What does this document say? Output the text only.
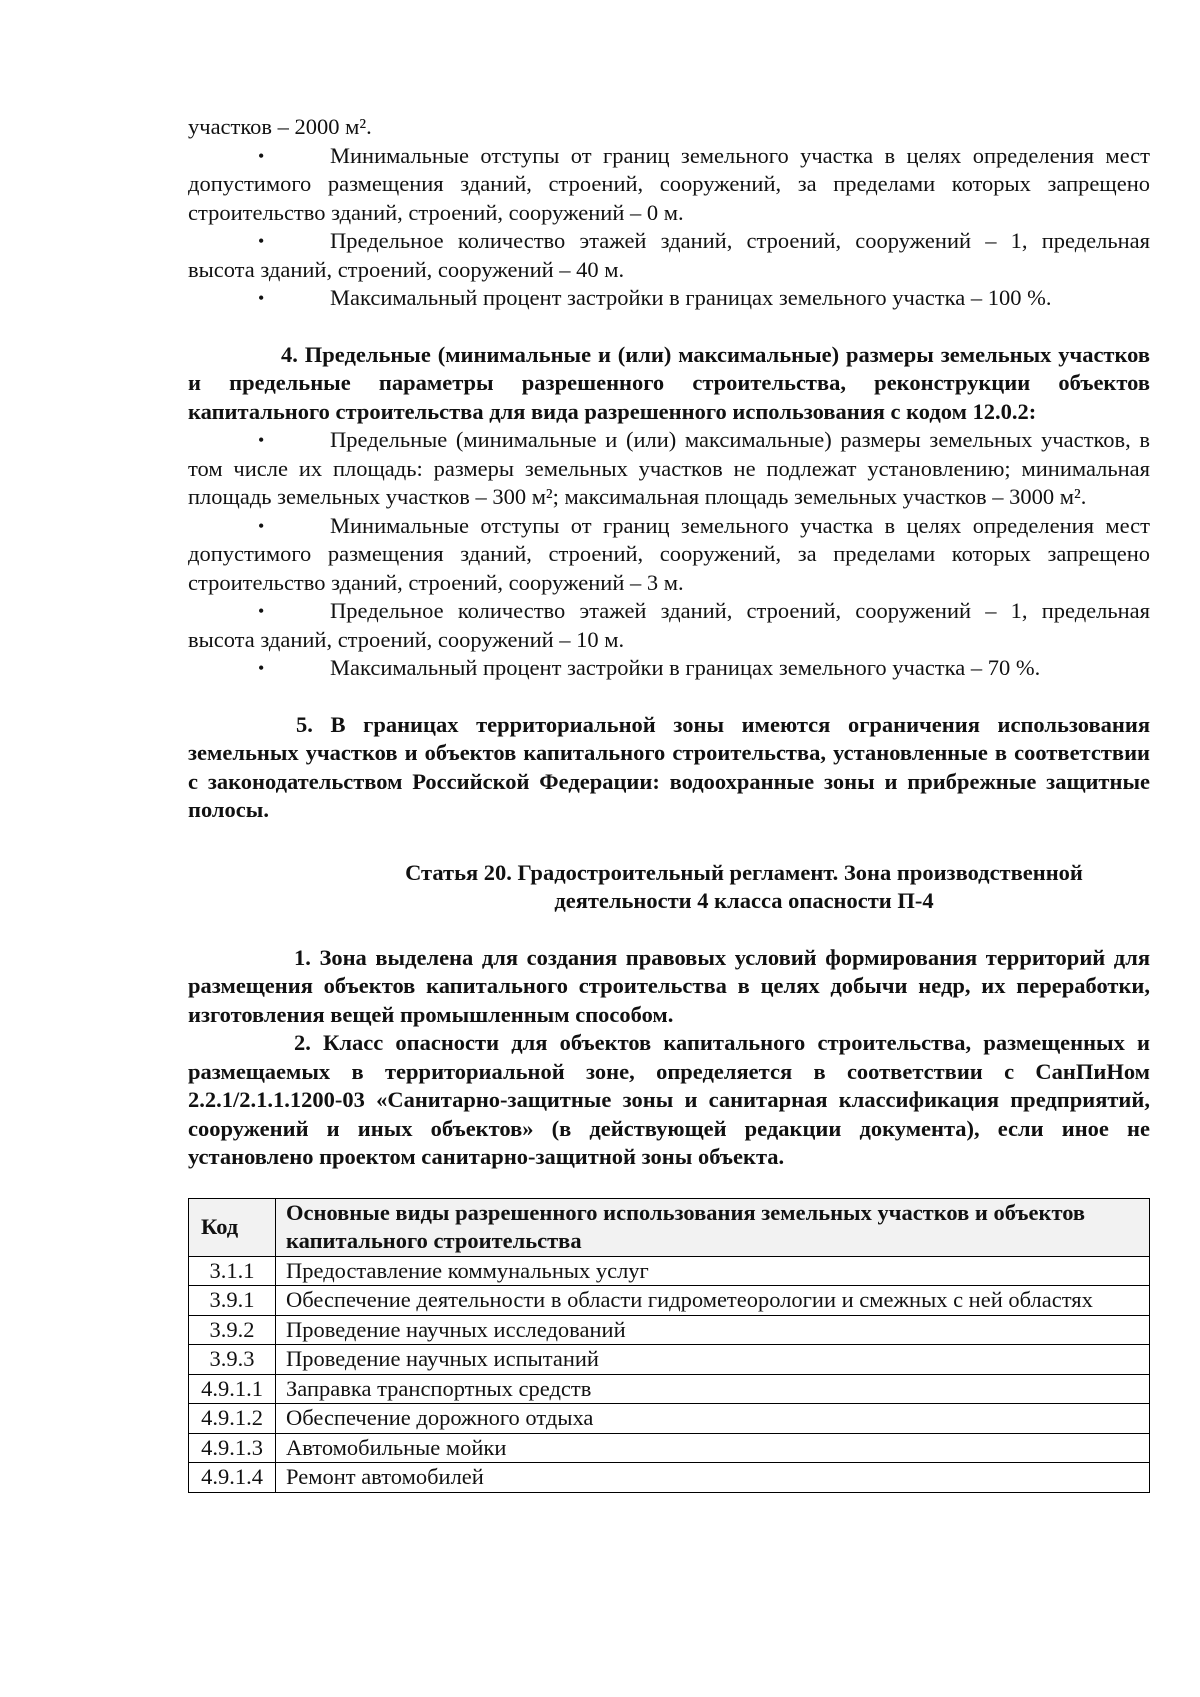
участков – 2000 м².

•	Минимальные отступы от границ земельного участка в целях определения мест допустимого размещения зданий, строений, сооружений, за пределами которых запрещено строительство зданий, строений, сооружений – 0 м.

•	Предельное количество этажей зданий, строений, сооружений – 1, предельная высота зданий, строений, сооружений – 40 м.

•	Максимальный процент застройки в границах земельного участка – 100 %.

4. Предельные (минимальные и (или) максимальные) размеры земельных участков и предельные параметры разрешенного строительства, реконструкции объектов капитального строительства для вида разрешенного использования с кодом 12.0.2:

•	Предельные (минимальные и (или) максимальные) размеры земельных участков, в том числе их площадь: размеры земельных участков не подлежат установлению; минимальная площадь земельных участков – 300 м²; максимальная площадь земельных участков – 3000 м².

•	Минимальные отступы от границ земельного участка в целях определения мест допустимого размещения зданий, строений, сооружений, за пределами которых запрещено строительство зданий, строений, сооружений – 3 м.

•	Предельное количество этажей зданий, строений, сооружений – 1, предельная высота зданий, строений, сооружений – 10 м.

•	Максимальный процент застройки в границах земельного участка – 70 %.

5. В границах территориальной зоны имеются ограничения использования земельных участков и объектов капитального строительства, установленные в соответствии с законодательством Российской Федерации: водоохранные зоны и прибрежные защитные полосы.

Статья 20. Градостроительный регламент. Зона производственной

деятельности 4 класса опасности П-4

1. Зона выделена для создания правовых условий формирования территорий для размещения объектов капитального строительства в целях добычи недр, их переработки, изготовления вещей промышленным способом.

2. Класс опасности для объектов капитального строительства, размещенных и размещаемых в территориальной зоне, определяется в соответствии с СанПиНом 2.2.1/2.1.1.1200-03 «Санитарно-защитные зоны и санитарная классификация предприятий, сооружений и иных объектов» (в действующей редакции документа), если иное не установлено проектом санитарно-защитной зоны объекта.

Код	Основные виды разрешенного использования земельных участков и объектов капитального строительства
3.1.1	Предоставление коммунальных услуг
3.9.1	Обеспечение деятельности в области гидрометеорологии и смежных с ней областях
3.9.2	Проведение научных исследований
3.9.3	Проведение научных испытаний
4.9.1.1	Заправка транспортных средств
4.9.1.2	Обеспечение дорожного отдыха
4.9.1.3	Автомобильные мойки
4.9.1.4	Ремонт автомобилей
